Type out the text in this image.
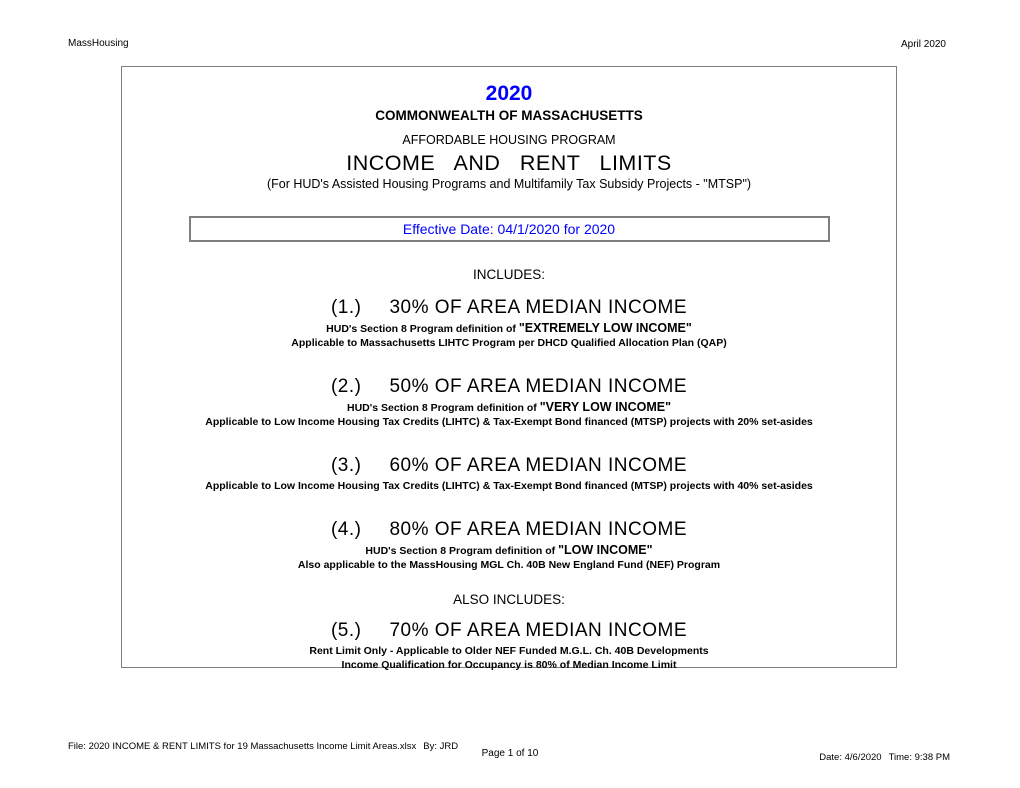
MassHousing	April 2020
2020
COMMONWEALTH OF MASSACHUSETTS
AFFORDABLE HOUSING PROGRAM
INCOME AND RENT LIMITS
(For HUD's Assisted Housing Programs and Multifamily Tax Subsidy Projects - "MTSP")
Effective Date: 04/1/2020 for 2020
INCLUDES:
(1.) 30% OF AREA MEDIAN INCOME
HUD's Section 8 Program definition of "EXTREMELY LOW INCOME"
Applicable to Massachusetts LIHTC Program per DHCD Qualified Allocation Plan (QAP)
(2.) 50% OF AREA MEDIAN INCOME
HUD's Section 8 Program definition of "VERY LOW INCOME"
Applicable to Low Income Housing Tax Credits (LIHTC) & Tax-Exempt Bond financed (MTSP) projects with 20% set-asides
(3.) 60% OF AREA MEDIAN INCOME
Applicable to Low Income Housing Tax Credits (LIHTC) & Tax-Exempt Bond financed (MTSP) projects with 40% set-asides
(4.) 80% OF AREA MEDIAN INCOME
HUD's Section 8 Program definition of "LOW INCOME"
Also applicable to the MassHousing MGL Ch. 40B New England Fund (NEF) Program
ALSO INCLUDES:
(5.) 70% OF AREA MEDIAN INCOME
Rent Limit Only - Applicable to Older NEF Funded M.G.L. Ch. 40B Developments
Income Qualification for Occupancy is 80% of Median Income Limit
File: 2020 INCOME & RENT LIMITS for 19 Massachusetts Income Limit Areas.xlsx By: JRD
Page 1 of 10	Date: 4/6/2020 Time: 9:38 PM
